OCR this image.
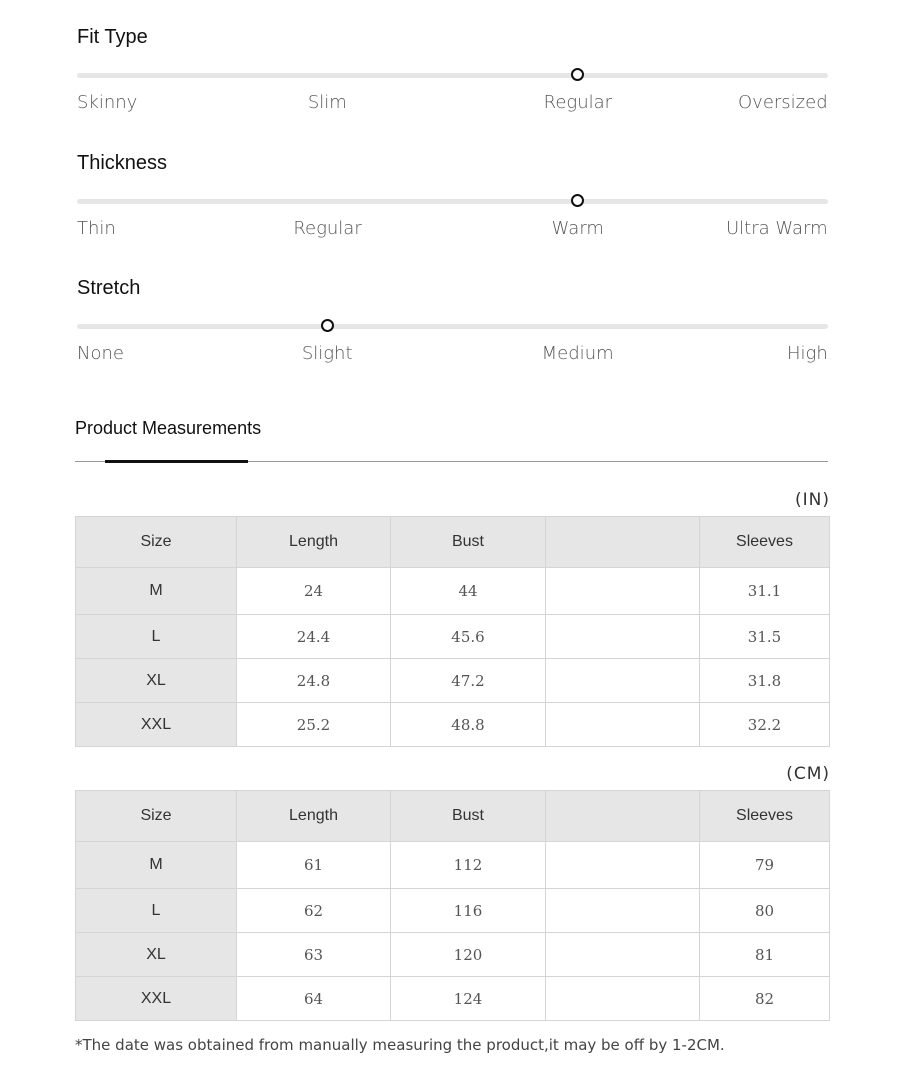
Fit Type
Skinny	Slim	Regular	Oversized
Thickness
Thin	Regular	Warm	Ultra Warm
Stretch
None	Slight	Medium	High
Product Measurements
(IN)
Size	Length	Bust		Sleeves
M	24	44		31.1
L	24.4	45.6		31.5
XL	24.8	47.2		31.8
XXL	25.2	48.8		32.2
(CM)
Size	Length	Bust		Sleeves
M	61	112		79
L	62	116		80
XL	63	120		81
XXL	64	124		82
*The date was obtained from manually measuring the product,it may be off by 1-2CM.
